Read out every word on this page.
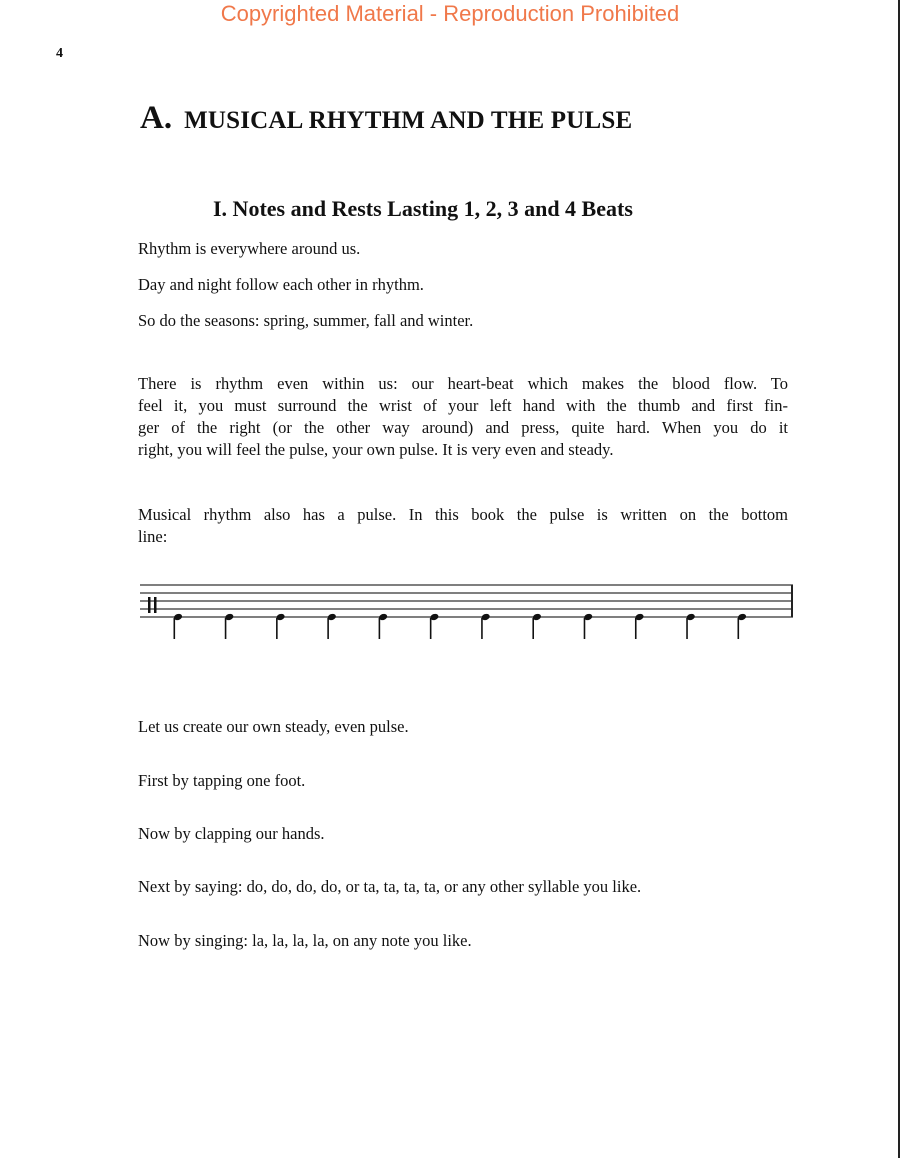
Copyrighted Material - Reproduction Prohibited
4
A. MUSICAL RHYTHM AND THE PULSE
I. Notes and Rests Lasting 1, 2, 3 and 4 Beats
Rhythm is everywhere around us.
Day and night follow each other in rhythm.
So do the seasons: spring, summer, fall and winter.
There is rhythm even within us: our heart-beat which makes the blood flow. To
feel it, you must surround the wrist of your left hand with the thumb and first fin-
ger of the right (or the other way around) and press, quite hard. When you do it
right, you will feel the pulse, your own pulse. It is very even and steady.
Musical rhythm also has a pulse. In this book the pulse is written on the bottom
line:
Let us create our own steady, even pulse.
First by tapping one foot.
Now by clapping our hands.
Next by saying: do, do, do, do, or ta, ta, ta, ta, or any other syllable you like.
Now by singing: la, la, la, la, on any note you like.
